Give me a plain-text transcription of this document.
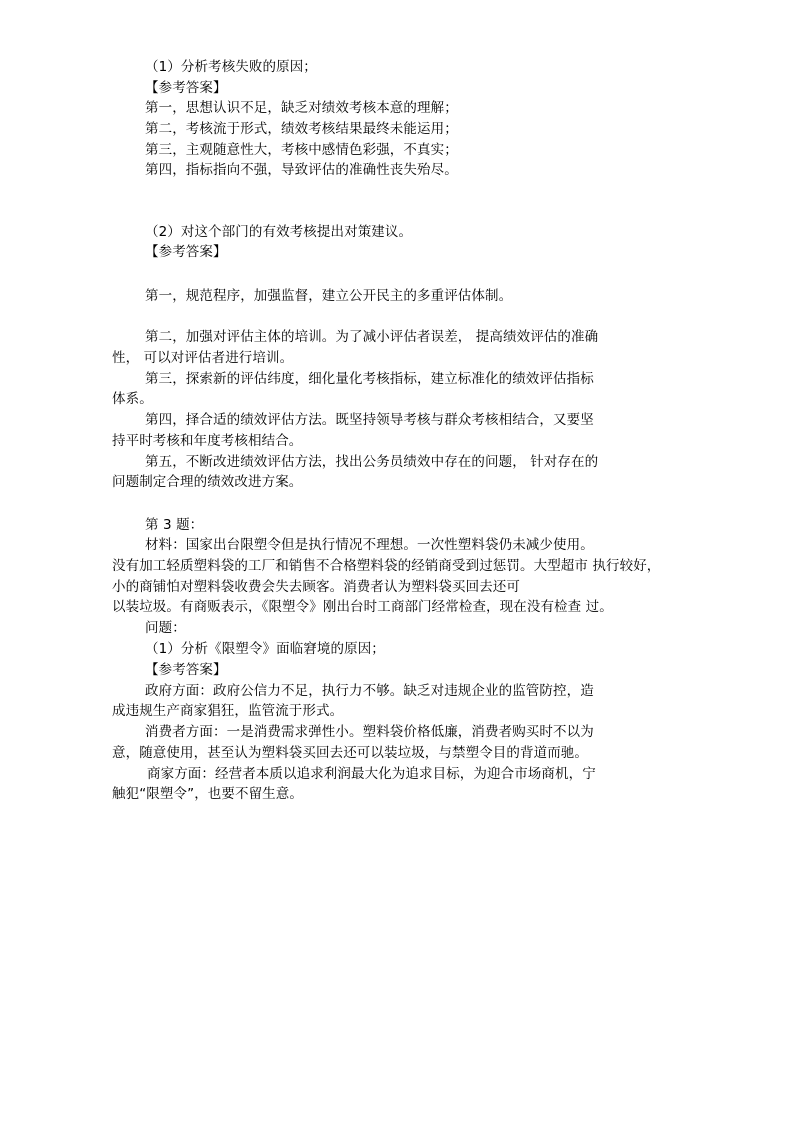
（1）分析考核失败的原因；
【参考答案】
第一，思想认识不足，缺乏对绩效考核本意的理解；
第二，考核流于形式，绩效考核结果最终未能运用；
第三，主观随意性大，考核中感情色彩强，不真实；
第四，指标指向不强，导致评估的准确性丧失殆尽。
（2）对这个部门的有效考核提出对策建议。
【参考答案】
第一，规范程序，加强监督，建立公开民主的多重评估体制。
第二，加强对评估主体的培训。为了减小评估者误差， 提高绩效评估的准确
性， 可以对评估者进行培训。
第三，探索新的评估纬度，细化量化考核指标，建立标准化的绩效评估指标
体系。
第四，择合适的绩效评估方法。既坚持领导考核与群众考核相结合，又要坚
持平时考核和年度考核相结合。
第五，不断改进绩效评估方法，找出公务员绩效中存在的问题， 针对存在的
问题制定合理的绩效改进方案。
第 3 题：
材料：国家出台限塑令但是执行情况不理想。一次性塑料袋仍未减少使用。
没有加工轻质塑料袋的工厂和销售不合格塑料袋的经销商受到过惩罚。大型超市 执行较好，
小的商铺怕对塑料袋收费会失去顾客。消费者认为塑料袋买回去还可
以装垃圾。有商贩表示，《限塑令》刚出台时工商部门经常检查，现在没有检查 过。
问题：
（1）分析《限塑令》面临窘境的原因；
【参考答案】
政府方面：政府公信力不足，执行力不够。缺乏对违规企业的监管防控，造
成违规生产商家猖狂，监管流于形式。
消费者方面：一是消费需求弹性小。塑料袋价格低廉，消费者购买时不以为
意，随意使用，甚至认为塑料袋买回去还可以装垃圾，与禁塑令目的背道而驰。
商家方面：经营者本质以追求利润最大化为追求目标，为迎合市场商机，宁
触犯“限塑令”，也要不留生意。
